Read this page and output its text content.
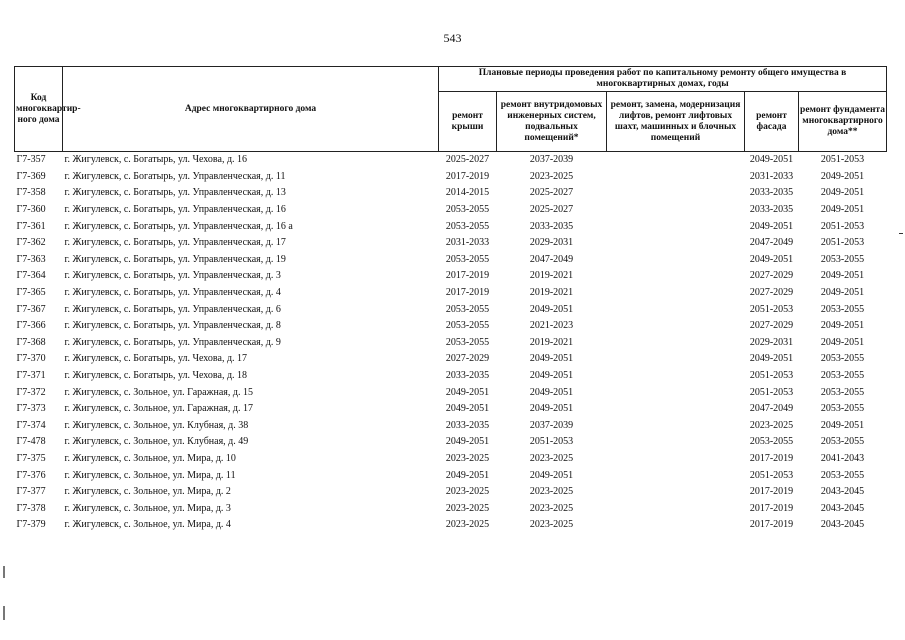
543
Код многоквартир-ного дома	Адрес многоквартирного дома	Плановые периоды проведения работ по капитальному ремонту общего имущества в многоквартирных домах, годы				
		ремонт крыши	ремонт внутридомовых инженерных систем, подвальных помещений*	ремонт, замена, модернизация лифтов, ремонт лифтовых шахт, машинных и блочных помещений	ремонт фасада	ремонт фундамента многоквартирного дома**
Г7-357	г. Жигулевск, с. Богатырь, ул. Чехова, д. 16	2025-2027	2037-2039		2049-2051	2051-2053
Г7-369	г. Жигулевск, с. Богатырь, ул. Управленческая, д. 11	2017-2019	2023-2025		2031-2033	2049-2051
Г7-358	г. Жигулевск, с. Богатырь, ул. Управленческая, д. 13	2014-2015	2025-2027		2033-2035	2049-2051
Г7-360	г. Жигулевск, с. Богатырь, ул. Управленческая, д. 16	2053-2055	2025-2027		2033-2035	2049-2051
Г7-361	г. Жигулевск, с. Богатырь, ул. Управленческая, д. 16 а	2053-2055	2033-2035		2049-2051	2051-2053
Г7-362	г. Жигулевск, с. Богатырь, ул. Управленческая, д. 17	2031-2033	2029-2031		2047-2049	2051-2053
Г7-363	г. Жигулевск, с. Богатырь, ул. Управленческая, д. 19	2053-2055	2047-2049		2049-2051	2053-2055
Г7-364	г. Жигулевск, с. Богатырь, ул. Управленческая, д. 3	2017-2019	2019-2021		2027-2029	2049-2051
Г7-365	г. Жигулевск, с. Богатырь, ул. Управленческая, д. 4	2017-2019	2019-2021		2027-2029	2049-2051
Г7-367	г. Жигулевск, с. Богатырь, ул. Управленческая, д. 6	2053-2055	2049-2051		2051-2053	2053-2055
Г7-366	г. Жигулевск, с. Богатырь, ул. Управленческая, д. 8	2053-2055	2021-2023		2027-2029	2049-2051
Г7-368	г. Жигулевск, с. Богатырь, ул. Управленческая, д. 9	2053-2055	2019-2021		2029-2031	2049-2051
Г7-370	г. Жигулевск, с. Богатырь, ул. Чехова, д. 17	2027-2029	2049-2051		2049-2051	2053-2055
Г7-371	г. Жигулевск, с. Богатырь, ул. Чехова, д. 18	2033-2035	2049-2051		2051-2053	2053-2055
Г7-372	г. Жигулевск, с. Зольное, ул. Гаражная, д. 15	2049-2051	2049-2051		2051-2053	2053-2055
Г7-373	г. Жигулевск, с. Зольное, ул. Гаражная, д. 17	2049-2051	2049-2051		2047-2049	2053-2055
Г7-374	г. Жигулевск, с. Зольное, ул. Клубная, д. 38	2033-2035	2037-2039		2023-2025	2049-2051
Г7-478	г. Жигулевск, с. Зольное, ул. Клубная, д. 49	2049-2051	2051-2053		2053-2055	2053-2055
Г7-375	г. Жигулевск, с. Зольное, ул. Мира, д. 10	2023-2025	2023-2025		2017-2019	2041-2043
Г7-376	г. Жигулевск, с. Зольное, ул. Мира, д. 11	2049-2051	2049-2051		2051-2053	2053-2055
Г7-377	г. Жигулевск, с. Зольное, ул. Мира, д. 2	2023-2025	2023-2025		2017-2019	2043-2045
Г7-378	г. Жигулевск, с. Зольное, ул. Мира, д. 3	2023-2025	2023-2025		2017-2019	2043-2045
Г7-379	г. Жигулевск, с. Зольное, ул. Мира, д. 4	2023-2025	2023-2025		2017-2019	2043-2045
